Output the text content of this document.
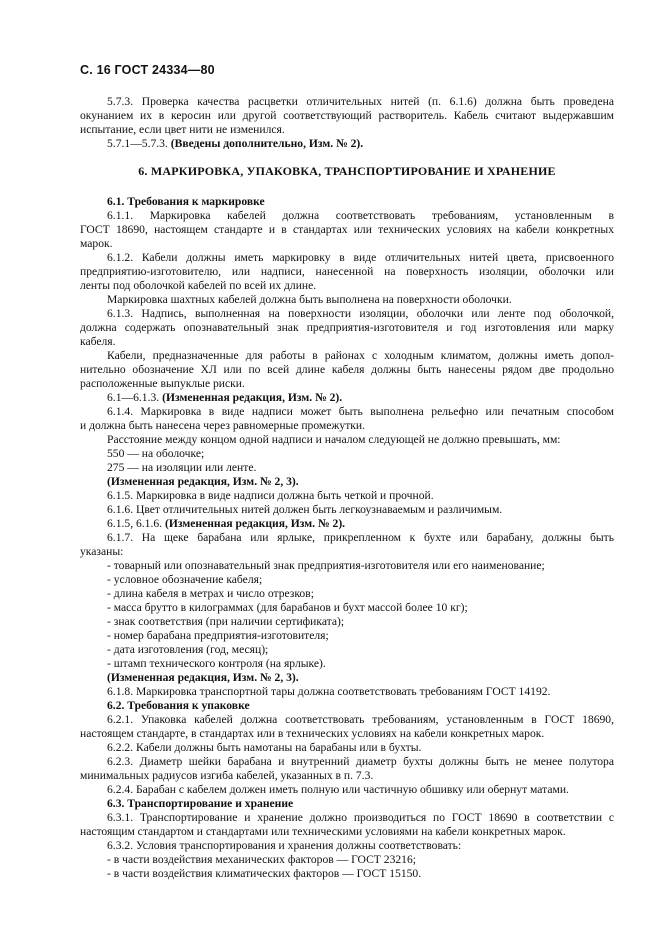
С. 16 ГОСТ 24334—80
5.7.3. Проверка качества расцветки отличительных нитей (п. 6.1.6) должна быть проведена
окунанием их в керосин или другой соответствующий растворитель. Кабель считают выдержавшим
испытание, если цвет нити не изменился.
5.7.1—5.7.3. (Введены дополнительно, Изм. № 2).
6. МАРКИРОВКА, УПАКОВКА, ТРАНСПОРТИРОВАНИЕ И ХРАНЕНИЕ
6.1. Требования к маркировке
6.1.1. Маркировка кабелей должна соответствовать требованиям, установленным в
ГОСТ 18690, настоящем стандарте и в стандартах или технических условиях на кабели конкретных
марок.
6.1.2. Кабели должны иметь маркировку в виде отличительных нитей цвета, присвоенного
предприятию-изготовителю, или надписи, нанесенной на поверхность изоляции, оболочки или
ленты под оболочкой кабелей по всей их длине.
Маркировка шахтных кабелей должна быть выполнена на поверхности оболочки.
6.1.3. Надпись, выполненная на поверхности изоляции, оболочки или ленте под оболочкой,
должна содержать опознавательный знак предприятия-изготовителя и год изготовления или марку
кабеля.
Кабели, предназначенные для работы в районах с холодным климатом, должны иметь допол-
нительно обозначение ХЛ или по всей длине кабеля должны быть нанесены рядом две продольно
расположенные выпуклые риски.
6.1—6.1.3. (Измененная редакция, Изм. № 2).
6.1.4. Маркировка в виде надписи может быть выполнена рельефно или печатным способом
и должна быть нанесена через равномерные промежутки.
Расстояние между концом одной надписи и началом следующей не должно превышать, мм:
550 — на оболочке;
275 — на изоляции или ленте.
(Измененная редакция, Изм. № 2, 3).
6.1.5. Маркировка в виде надписи должна быть четкой и прочной.
6.1.6. Цвет отличительных нитей должен быть легкоузнаваемым и различимым.
6.1.5, 6.1.6. (Измененная редакция, Изм. № 2).
6.1.7. На щеке барабана или ярлыке, прикрепленном к бухте или барабану, должны быть
указаны:
- товарный или опознавательный знак предприятия-изготовителя или его наименование;
- условное обозначение кабеля;
- длина кабеля в метрах и число отрезков;
- масса брутто в килограммах (для барабанов и бухт массой более 10 кг);
- знак соответствия (при наличии сертификата);
- номер барабана предприятия-изготовителя;
- дата изготовления (год, месяц);
- штамп технического контроля (на ярлыке).
(Измененная редакция, Изм. № 2, 3).
6.1.8. Маркировка транспортной тары должна соответствовать требованиям ГОСТ 14192.
6.2. Требования к упаковке
6.2.1. Упаковка кабелей должна соответствовать требованиям, установленным в ГОСТ 18690,
настоящем стандарте, в стандартах или в технических условиях на кабели конкретных марок.
6.2.2. Кабели должны быть намотаны на барабаны или в бухты.
6.2.3. Диаметр шейки барабана и внутренний диаметр бухты должны быть не менее полутора
минимальных радиусов изгиба кабелей, указанных в п. 7.3.
6.2.4. Барабан с кабелем должен иметь полную или частичную обшивку или обернут матами.
6.3. Транспортирование и хранение
6.3.1. Транспортирование и хранение должно производиться по ГОСТ 18690 в соответствии с
настоящим стандартом и стандартами или техническими условиями на кабели конкретных марок.
6.3.2. Условия транспортирования и хранения должны соответствовать:
- в части воздействия механических факторов — ГОСТ 23216;
- в части воздействия климатических факторов — ГОСТ 15150.
